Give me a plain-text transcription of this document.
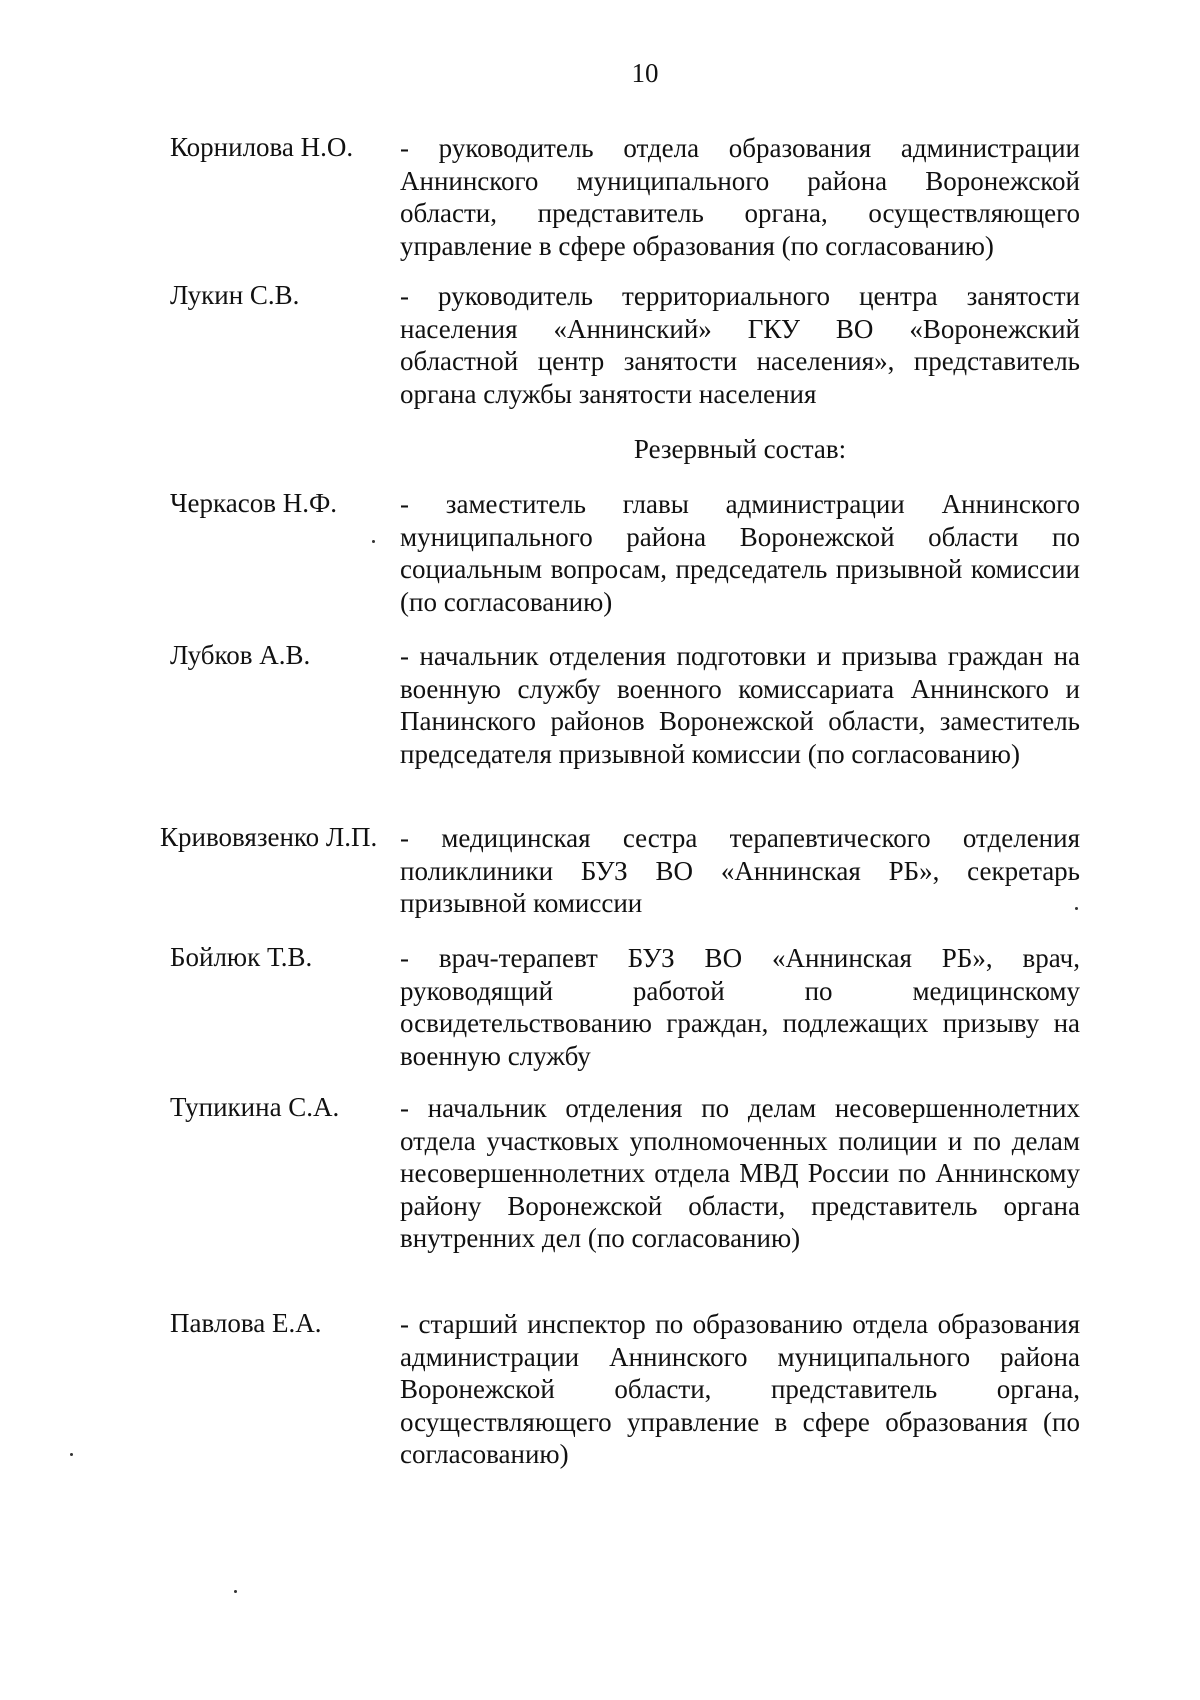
10
Корнилова Н.О. - руководитель отдела образования администрации Аннинского муниципального района Воронежской области, представитель органа, осуществляющего управление в сфере образования (по согласованию)
Лукин С.В.	- руководитель территориального центра занятости населения «Аннинский» ГКУ ВО «Воронежский областной центр занятости населения», представитель органа службы занятости населения
Резервный состав:
Черкасов Н.Ф. - заместитель главы администрации Аннинского муниципального района Воронежской области по социальным вопросам, председатель призывной комиссии (по согласованию)
Лубков А.В.	- начальник отделения подготовки и призыва граждан на военную службу военного комиссариата Аннинского и Панинского районов Воронежской области, заместитель председателя призывной комиссии (по согласованию)
Кривовязенко Л.П. - медицинская сестра терапевтического отделения поликлиники БУЗ ВО «Аннинская РБ», секретарь призывной комиссии
Бойлюк Т.В.	- врач-терапевт БУЗ ВО «Аннинская РБ», врач, руководящий работой по медицинскому освидетельствованию граждан, подлежащих призыву на военную службу
Тупикина С.А. - начальник отделения по делам несовершеннолетних отдела участковых уполномоченных полиции и по делам несовершеннолетних отдела МВД России по Аннинскому району Воронежской области, представитель органа внутренних дел (по согласованию)
Павлова Е.А.	- старший инспектор по образованию отдела образования администрации Аннинского муниципального района Воронежской области, представитель органа, осуществляющего управление в сфере образования (по согласованию)
